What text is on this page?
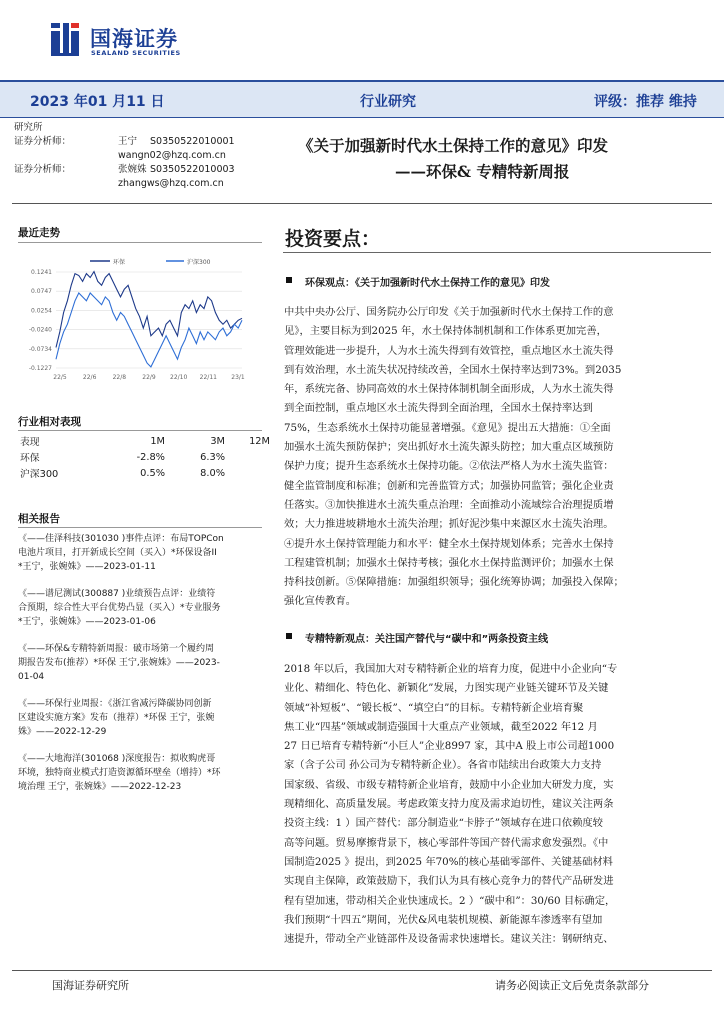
国海证券
SEALAND SECURITIES
2023 年01 月11 日	行业研究	评级：推荐 维持
研究所
证券分析师：	王宁 S0350522010001
wangn02@hzq.com.cn
证券分析师：	张婉姝 S0350522010003
zhangws@hzq.com.cn
《关于加强新时代水土保持工作的意见》印发
——环保& 专精特新周报
最近走势
0.1241
0.0747
0.0254
-0.0240
-0.0734
-0.1227
22/5	22/6	22/8	22/9 22/10 22/11 23/1
环保	沪深300
行业相对表现
表现	1M	3M	12M
环保	-2.8%	6.3%	
沪深300	0.5%	8.0%	
相关报告
《——佳泽科技(301030 )事件点评：布局TOPCon
电池片项目，打开新成长空间（买入）*环保设备II
*王宁，张婉姝》——2023-01-11
《——谱尼测试(300887 )业绩预告点评：业绩符
合预期，综合性大平台优势凸显（买入）*专业服务
*王宁，张婉姝》——2023-01-06
《——环保&专精特新周报：破市场第一个履约周
期报告发布(推荐）*环保 王宁,张婉姝》——2023-
01-04
《——环保行业周报：《浙江省减污降碳协同创新
区建设实施方案》发布（推荐）*环保 王宁，张婉
姝》——2022-12-29
《——大地海洋(301068 )深度报告：拟收购虎哥
环境，独特商业模式打造资源循环壁垒（增持）*环
境治理 王宁，张婉姝》——2022-12-23
投资要点：
环保观点：《关于加强新时代水土保持工作的意见》印发
中共中央办公厅、国务院办公厅印发《关于加强新时代水土保持工作的意
见》，主要目标为到2025 年，水土保持体制机制和工作体系更加完善，
管理效能进一步提升，人为水土流失得到有效管控，重点地区水土流失得
到有效治理，水土流失状况持续改善，全国水土保持率达到73%。到2035
年，系统完备、协同高效的水土保持体制机制全面形成，人为水土流失得
到全面控制，重点地区水土流失得到全面治理，全国水土保持率达到
75%，生态系统水土保持功能显著增强。《意见》提出五大措施：①全面
加强水土流失预防保护；突出抓好水土流失源头防控；加大重点区域预防
保护力度；提升生态系统水土保持功能。②依法严格人为水土流失监管：
健全监管制度和标准；创新和完善监管方式；加强协同监管；强化企业责
任落实。③加快推进水土流失重点治理：全面推动小流域综合治理提质增
效；大力推进坡耕地水土流失治理；抓好泥沙集中来源区水土流失治理。
④提升水土保持管理能力和水平：健全水土保持规划体系；完善水土保持
工程建管机制；加强水土保持考核；强化水土保持监测评价；加强水土保
持科技创新。⑤保障措施：加强组织领导；强化统筹协调；加强投入保障；
强化宣传教育。
专精特新观点：关注国产替代与“碳中和”两条投资主线
2018 年以后，我国加大对专精特新企业的培育力度，促进中小企业向“专
业化、精细化、特色化、新颖化”发展，力图实现产业链关键环节及关键
领域“补短板”、“锻长板”、“填空白”的目标。专精特新企业培育聚
焦工业“四基”领域或制造强国十大重点产业领域，截至2022 年12 月
27 日已培育专精特新“小巨人”企业8997 家，其中A 股上市公司超1000
家（含子公司 孙公司为专精特新企业）。各省市陆续出台政策大力支持
国家级、省级、市级专精特新企业培育，鼓励中小企业加大研发力度，实
现精细化、高质量发展。考虑政策支持力度及需求迫切性，建议关注两条
投资主线：1 ）国产替代：部分制造业“卡脖子”领域存在进口依赖度较
高等问题。贸易摩擦背景下，核心零部件等国产替代需求愈发强烈。《中
国制造2025 》提出，到2025 年70%的核心基础零部件、关键基础材料
实现自主保障，政策鼓励下，我们认为具有核心竞争力的替代产品研发进
程有望加速，带动相关企业快速成长。2 ）“碳中和”：30/60 目标确定，
我们预期“十四五”期间，光伏&风电装机规模、新能源车渗透率有望加
速提升，带动全产业链部件及设备需求快速增长。建议关注：钢研纳克、
国海证券研究所	请务必阅读正文后免责条款部分
